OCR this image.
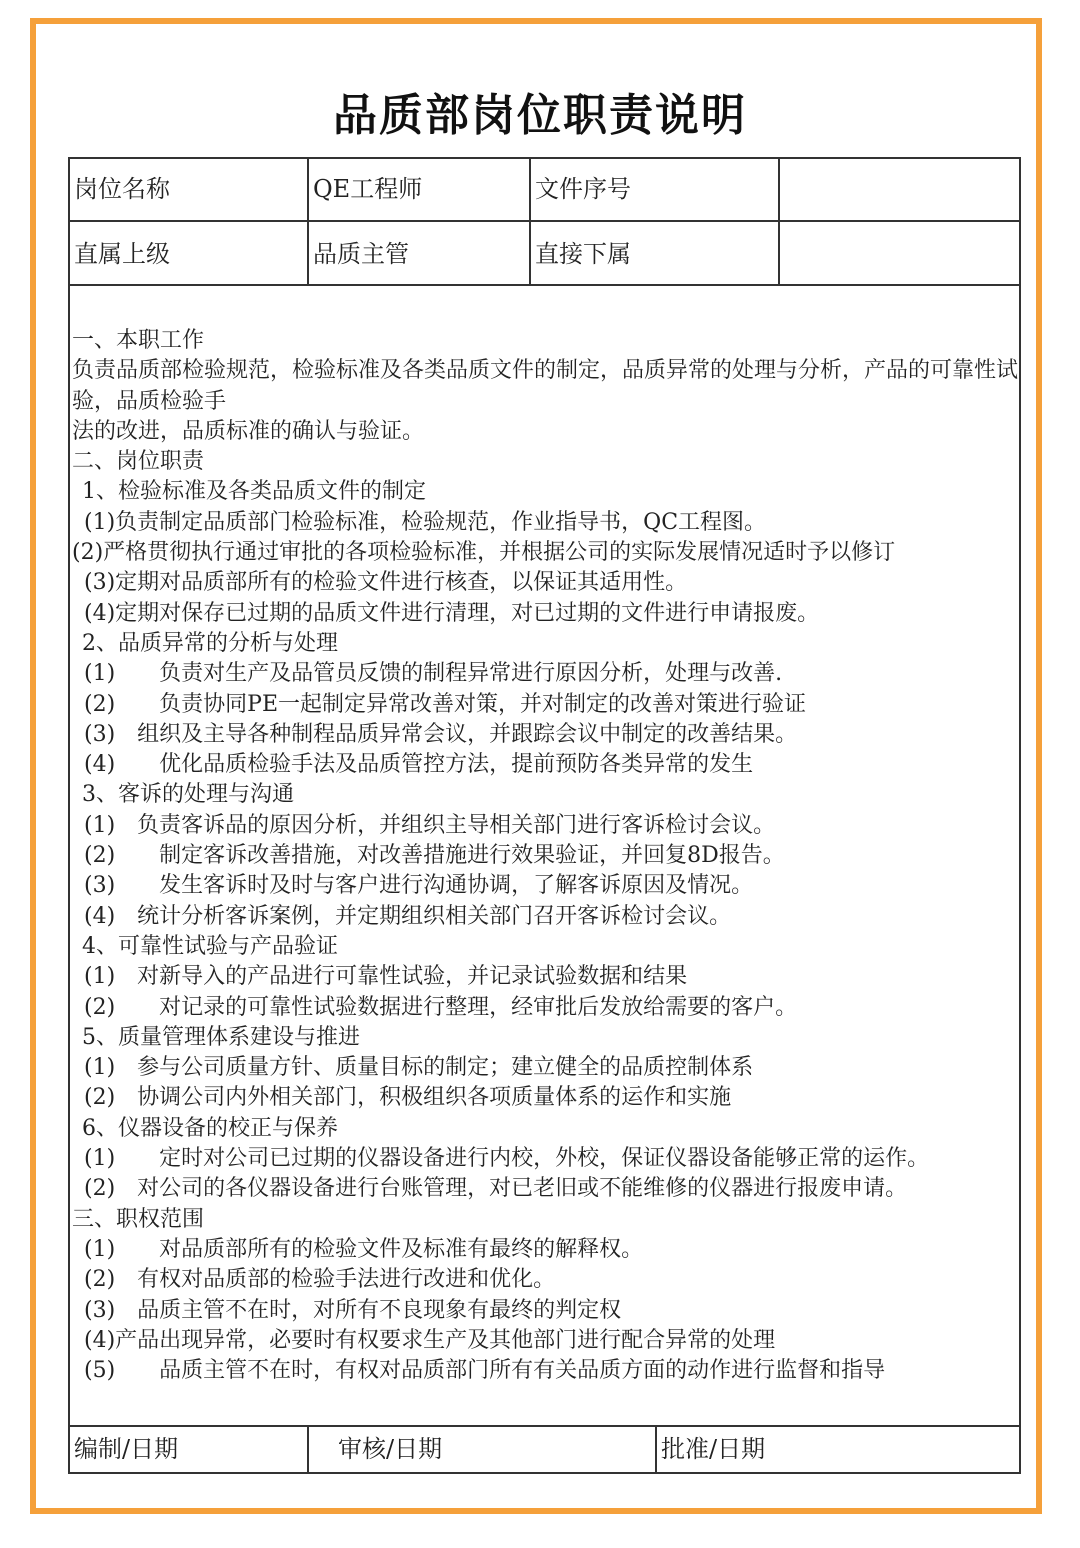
品质部岗位职责说明
岗位名称	QE工程师	文件序号
直属上级	品质主管	直接下属
一、本职工作
负责品质部检验规范，检验标准及各类品质文件的制定，品质异常的处理与分析，产品的可靠性试验，品质检验手
法的改进，品质标准的确认与验证。
二、岗位职责
1、检验标准及各类品质文件的制定
(1)负责制定品质部门检验标准，检验规范，作业指导书，QC工程图。
(2)严格贯彻执行通过审批的各项检验标准，并根据公司的实际发展情况适时予以修订
(3)定期对品质部所有的检验文件进行核查，以保证其适用性。
(4)定期对保存已过期的品质文件进行清理，对已过期的文件进行申请报废。
2、品质异常的分析与处理
(1)　　负责对生产及品管员反馈的制程异常进行原因分析，处理与改善.
(2)　　负责协同PE一起制定异常改善对策，并对制定的改善对策进行验证
(3)　组织及主导各种制程品质异常会议，并跟踪会议中制定的改善结果。
(4)　　优化品质检验手法及品质管控方法，提前预防各类异常的发生
3、客诉的处理与沟通
(1)　负责客诉品的原因分析，并组织主导相关部门进行客诉检讨会议。
(2)　　制定客诉改善措施，对改善措施进行效果验证，并回复8D报告。
(3)　　发生客诉时及时与客户进行沟通协调，了解客诉原因及情况。
(4)　统计分析客诉案例，并定期组织相关部门召开客诉检讨会议。
4、可靠性试验与产品验证
(1)　对新导入的产品进行可靠性试验，并记录试验数据和结果
(2)　　对记录的可靠性试验数据进行整理，经审批后发放给需要的客户。
5、质量管理体系建设与推进
(1)　参与公司质量方针、质量目标的制定；建立健全的品质控制体系
(2)　协调公司内外相关部门，积极组织各项质量体系的运作和实施
6、仪器设备的校正与保养
(1)　　定时对公司已过期的仪器设备进行内校，外校，保证仪器设备能够正常的运作。
(2)　对公司的各仪器设备进行台账管理，对已老旧或不能维修的仪器进行报废申请。
三、职权范围
(1)　　对品质部所有的检验文件及标准有最终的解释权。
(2)　有权对品质部的检验手法进行改进和优化。
(3)　品质主管不在时，对所有不良现象有最终的判定权
(4)产品出现异常，必要时有权要求生产及其他部门进行配合异常的处理
(5)　　品质主管不在时，有权对品质部门所有有关品质方面的动作进行监督和指导
编制/日期	审核/日期	批准/日期
